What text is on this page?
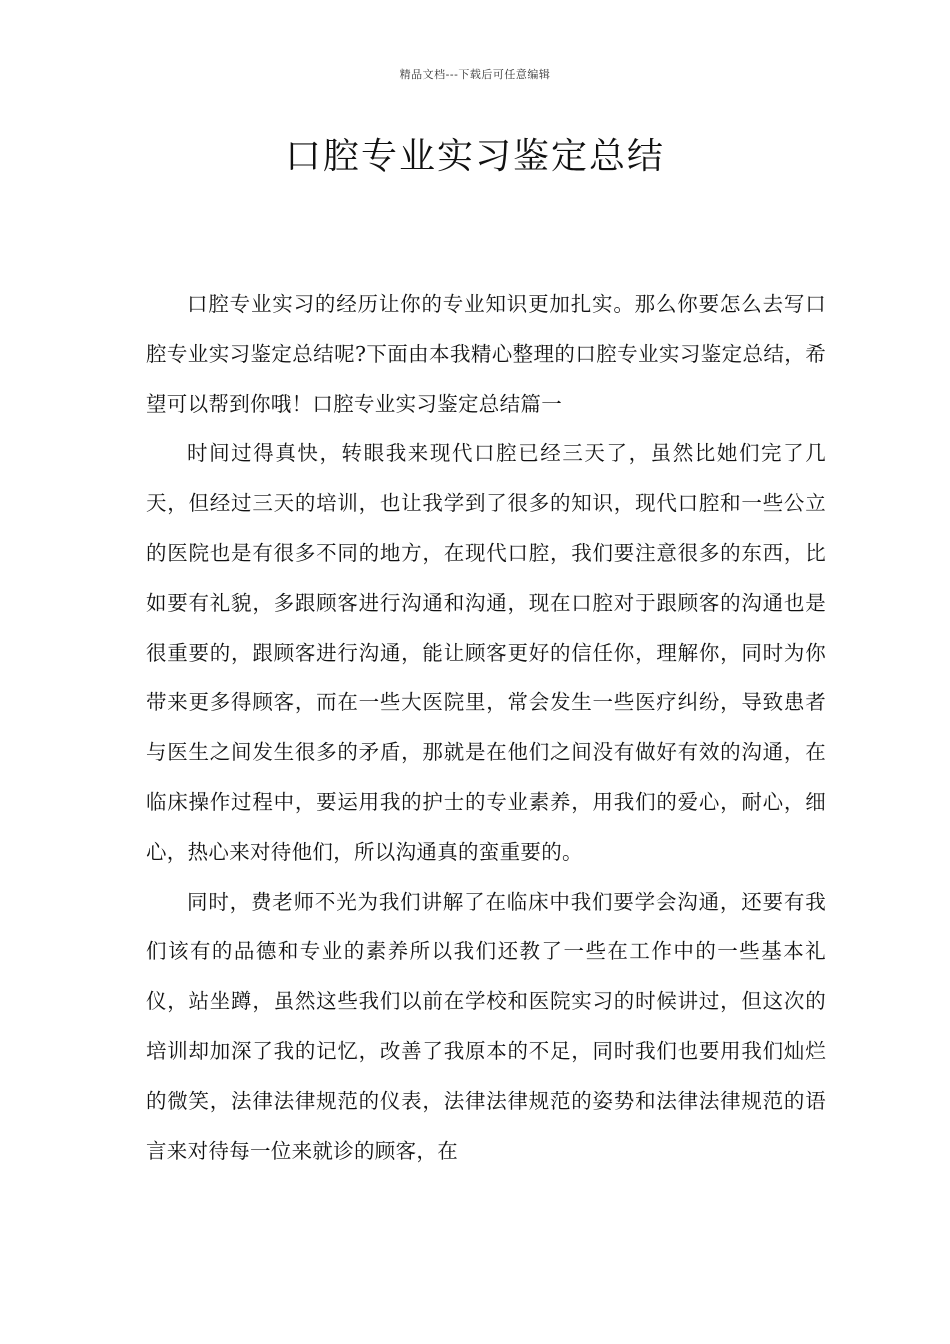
精品文档---下载后可任意编辑
口腔专业实习鉴定总结

口腔专业实习的经历让你的专业知识更加扎实。那么你要怎么去写口腔专业实习鉴定总结呢?下面由本我精心整理的口腔专业实习鉴定总结，希望可以帮到你哦！口腔专业实习鉴定总结篇一

时间过得真快，转眼我来现代口腔已经三天了，虽然比她们完了几天，但经过三天的培训，也让我学到了很多的知识，现代口腔和一些公立的医院也是有很多不同的地方，在现代口腔，我们要注意很多的东西，比如要有礼貌，多跟顾客进行沟通和沟通，现在口腔对于跟顾客的沟通也是很重要的，跟顾客进行沟通，能让顾客更好的信任你，理解你，同时为你带来更多得顾客，而在一些大医院里，常会发生一些医疗纠纷，导致患者与医生之间发生很多的矛盾，那就是在他们之间没有做好有效的沟通，在临床操作过程中，要运用我的护士的专业素养，用我们的爱心，耐心，细心，热心来对待他们，所以沟通真的蛮重要的。

同时，费老师不光为我们讲解了在临床中我们要学会沟通，还要有我们该有的品德和专业的素养所以我们还教了一些在工作中的一些基本礼仪，站坐蹲，虽然这些我们以前在学校和医院实习的时候讲过，但这次的培训却加深了我的记忆，改善了我原本的不足，同时我们也要用我们灿烂的微笑，法律法律规范的仪表，法律法律规范的姿势和法律法律规范的语言来对待每一位来就诊的顾客，在
